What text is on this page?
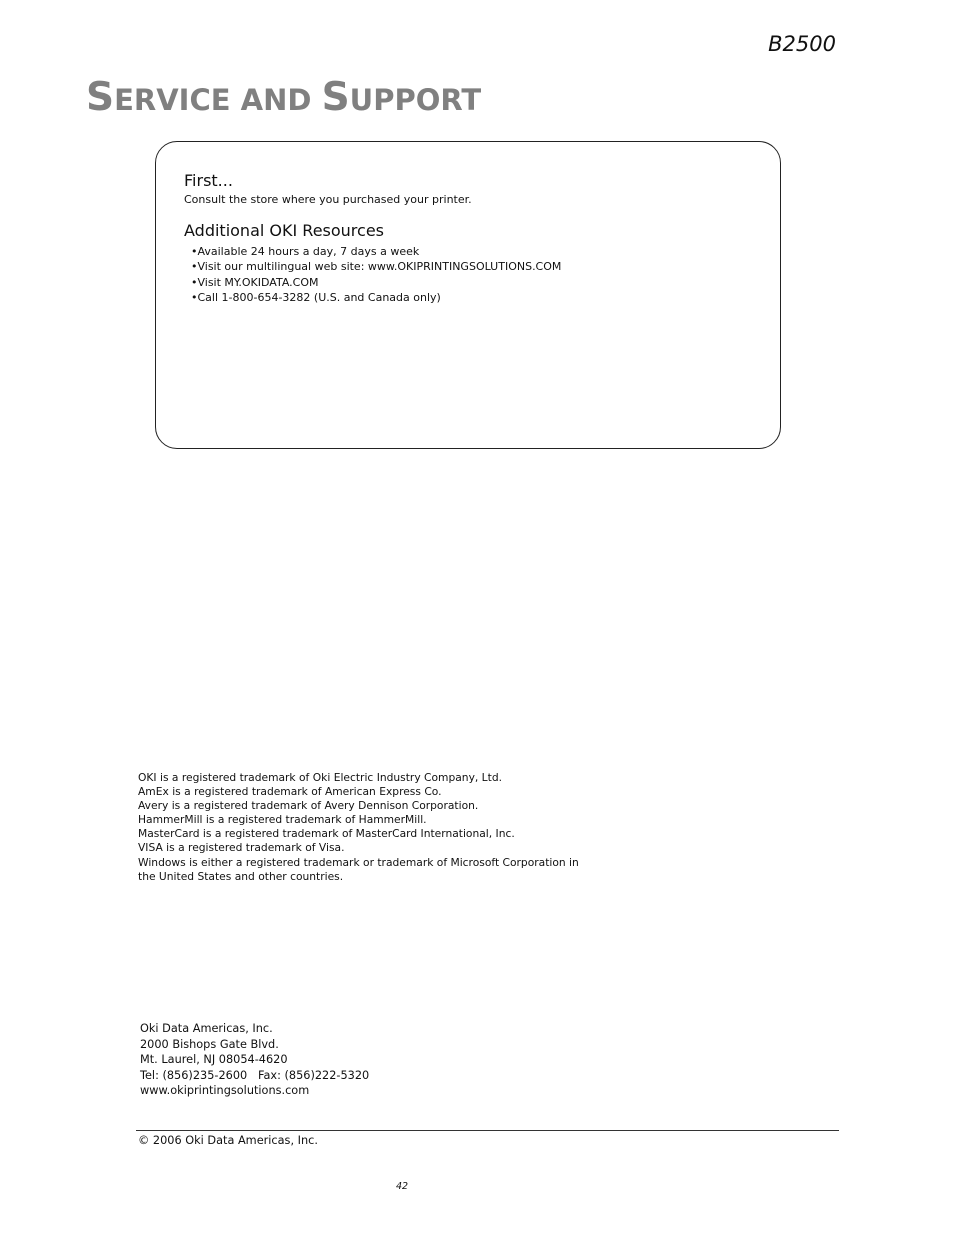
B2500
SERVICE AND SUPPORT
First...

Consult the store where you purchased your printer.

Additional OKI Resources
•Available 24 hours a day, 7 days a week
•Visit our multilingual web site: www.OKIPRINTINGSOLUTIONS.COM
•Visit MY.OKIDATA.COM
•Call 1-800-654-3282 (U.S. and Canada only)
OKI is a registered trademark of Oki Electric Industry Company, Ltd.
AmEx is a registered trademark of American Express Co.
Avery is a registered trademark of Avery Dennison Corporation.
HammerMill is a registered trademark of HammerMill.
MasterCard is a registered trademark of MasterCard International, Inc.
VISA is a registered trademark of Visa.
Windows is either a registered trademark or trademark of Microsoft Corporation in
the United States and other countries.
Oki Data Americas, Inc.
2000 Bishops Gate Blvd.
Mt. Laurel, NJ 08054-4620
Tel: (856)235-2600   Fax: (856)222-5320
www.okiprintingsolutions.com
© 2006 Oki Data Americas, Inc.
42
